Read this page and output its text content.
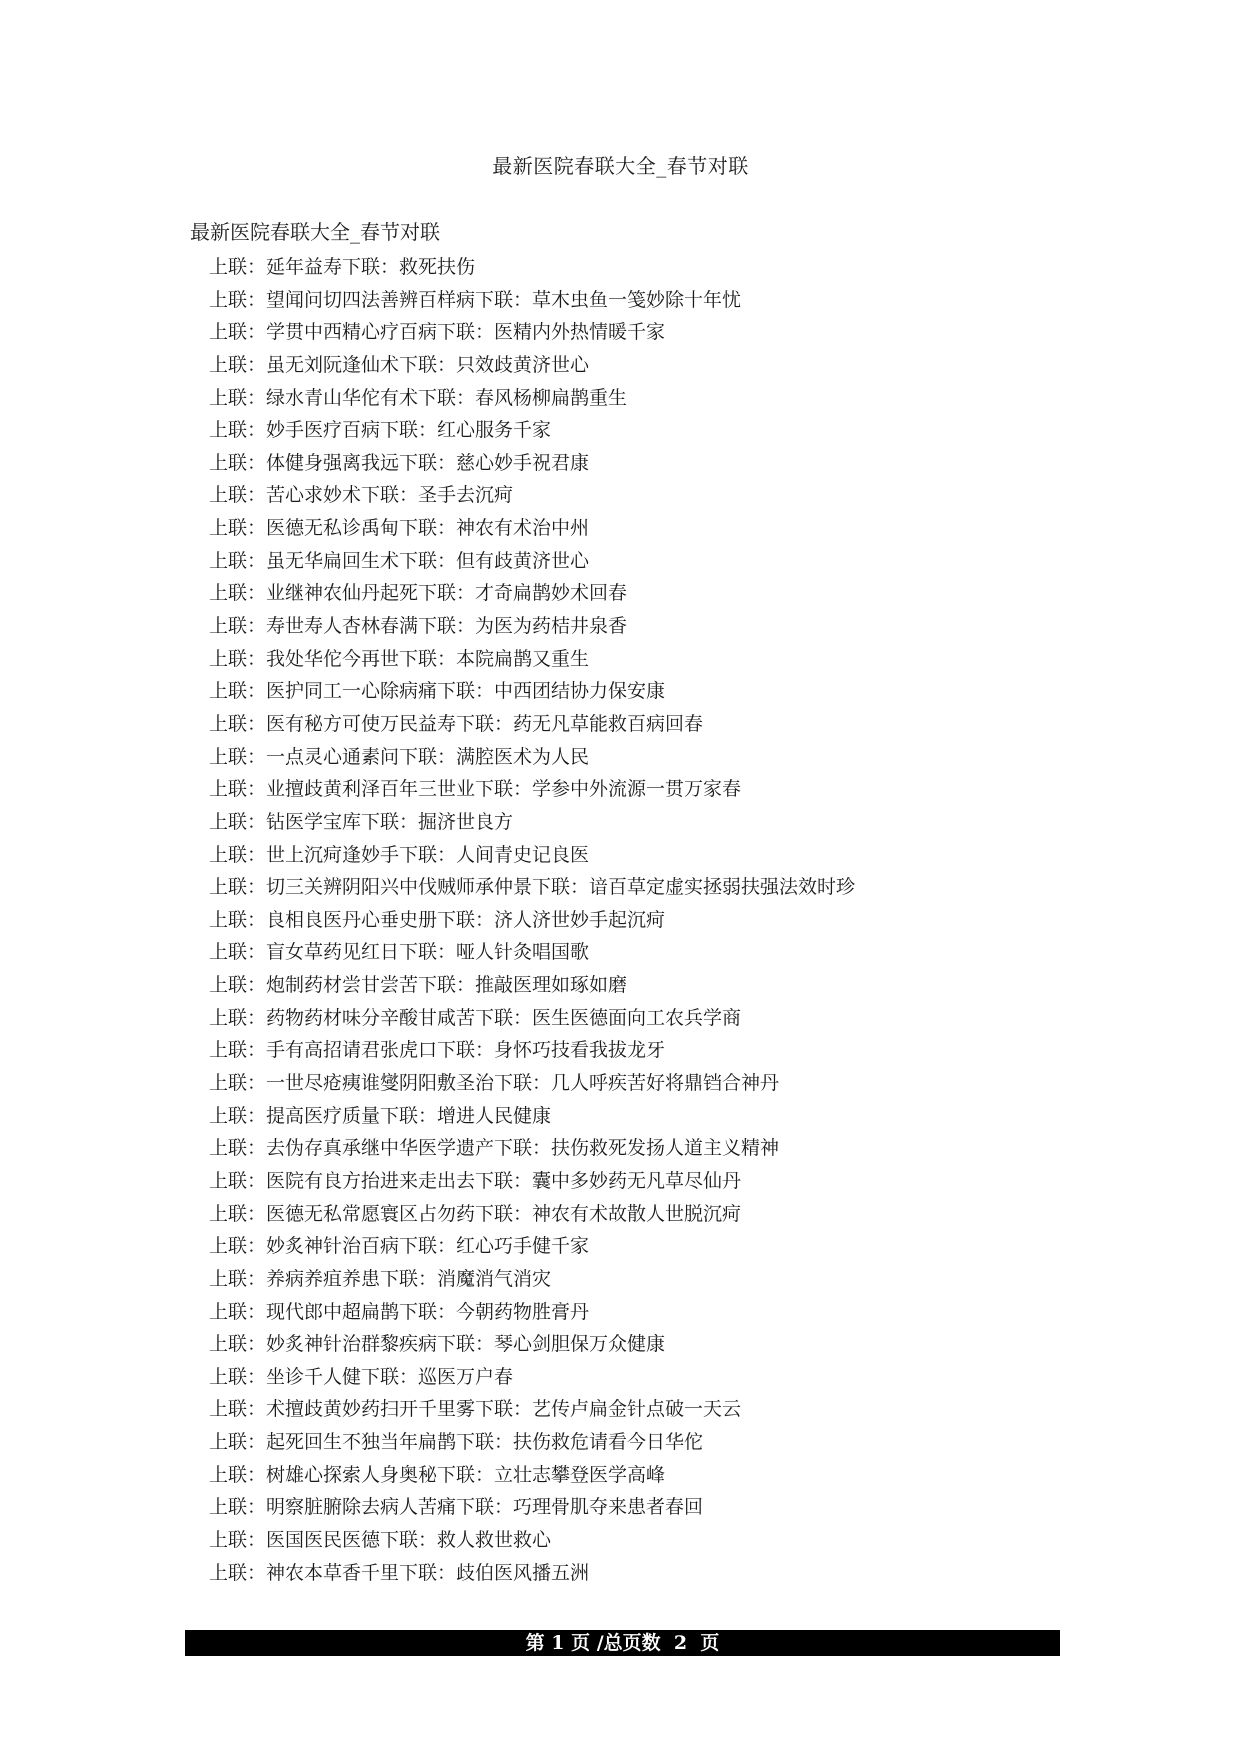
最新医院春联大全_春节对联
最新医院春联大全_春节对联
上联：延年益寿下联：救死扶伤
上联：望闻问切四法善辨百样病下联：草木虫鱼一笺妙除十年忧
上联：学贯中西精心疗百病下联：医精内外热情暖千家
上联：虽无刘阮逢仙术下联：只效歧黄济世心
上联：绿水青山华佗有术下联：春风杨柳扁鹊重生
上联：妙手医疗百病下联：红心服务千家
上联：体健身强离我远下联：慈心妙手祝君康
上联：苦心求妙术下联：圣手去沉疴
上联：医德无私诊禹甸下联：神农有术治中州
上联：虽无华扁回生术下联：但有歧黄济世心
上联：业继神农仙丹起死下联：才奇扁鹊妙术回春
上联：寿世寿人杏林春满下联：为医为药桔井泉香
上联：我处华佗今再世下联：本院扁鹊又重生
上联：医护同工一心除病痛下联：中西团结协力保安康
上联：医有秘方可使万民益寿下联：药无凡草能救百病回春
上联：一点灵心通素问下联：满腔医术为人民
上联：业擅歧黄利泽百年三世业下联：学参中外流源一贯万家春
上联：钻医学宝库下联：掘济世良方
上联：世上沉疴逢妙手下联：人间青史记良医
上联：切三关辨阴阳兴中伐贼师承仲景下联：谙百草定虚实拯弱扶强法效时珍
上联：良相良医丹心垂史册下联：济人济世妙手起沉疴
上联：盲女草药见红日下联：哑人针灸唱国歌
上联：炮制药材尝甘尝苦下联：推敲医理如琢如磨
上联：药物药材味分辛酸甘咸苦下联：医生医德面向工农兵学商
上联：手有高招请君张虎口下联：身怀巧技看我拔龙牙
上联：一世尽疮痍谁燮阴阳敷圣治下联：几人呼疾苦好将鼎铛合神丹
上联：提高医疗质量下联：增进人民健康
上联：去伪存真承继中华医学遗产下联：扶伤救死发扬人道主义精神
上联：医院有良方抬进来走出去下联：囊中多妙药无凡草尽仙丹
上联：医德无私常愿寰区占勿药下联：神农有术故散人世脱沉疴
上联：妙炙神针治百病下联：红心巧手健千家
上联：养病养疽养患下联：消魔消气消灾
上联：现代郎中超扁鹊下联：今朝药物胜膏丹
上联：妙炙神针治群黎疾病下联：琴心剑胆保万众健康
上联：坐诊千人健下联：巡医万户春
上联：术擅歧黄妙药扫开千里雾下联：艺传卢扁金针点破一天云
上联：起死回生不独当年扁鹊下联：扶伤救危请看今日华佗
上联：树雄心探索人身奥秘下联：立壮志攀登医学高峰
上联：明察脏腑除去病人苦痛下联：巧理骨肌夺来患者春回
上联：医国医民医德下联：救人救世救心
上联：神农本草香千里下联：歧伯医风播五洲
第 1 页 /总页数 2 页
